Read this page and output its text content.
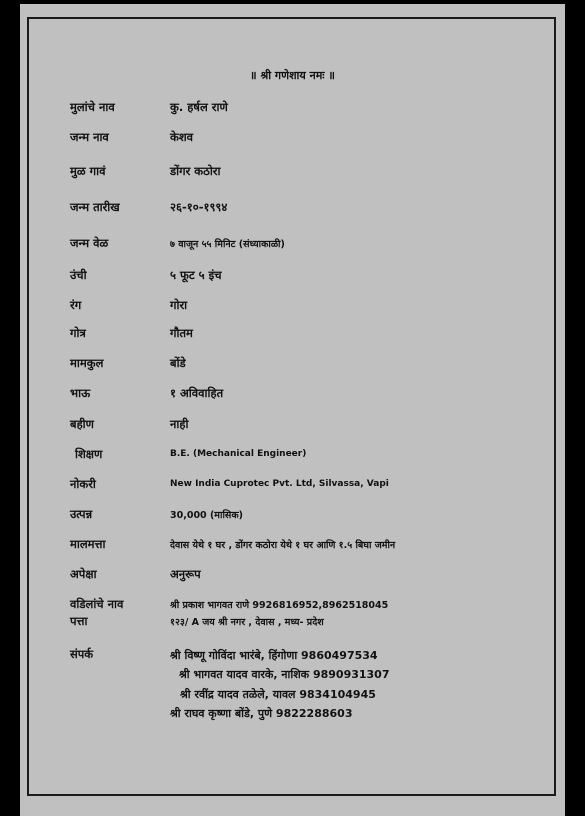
॥ श्री गणेशाय नमः ॥
मुलांचे नाव	कु. हर्षल राणे
जन्म नाव	केशव
मुळ गावं	डोंगर कठोरा
जन्म तारीख	२६-१०-१९९४
जन्म वेळ	७ वाजून ५५ मिनिट (संध्याकाळी)
उंची	५ फूट ५ इंच
रंग	गोरा
गोत्र	गौतम
मामकुल	बोंडे
भाऊ	१ अविवाहित
बहीण	नाही
शिक्षण	B.E. (Mechanical Engineer)
नोकरी	New India Cuprotec Pvt. Ltd, Silvassa, Vapi
उत्पन्न	30,000 (मासिक)
मालमत्ता	देवास येथे १ घर , डोंगर कठोरा येथे १ घर आणि १.५ बिघा जमीन
अपेक्षा	अनुरूप
वडिलांचे नाव	श्री प्रकाश भागवत राणे 9926816952,8962518045
पत्ता	१२३/ A जय श्री नगर , देवास , मध्य- प्रदेश
संपर्क	श्री विष्णू गोविंदा भारंबे, हिंगोणा 9860497534
श्री भागवत यादव वारके, नाशिक 9890931307
श्री रवींद्र यादव तळेले, यावल 9834104945
श्री राघव कृष्णा बोंडे, पुणे 9822288603
